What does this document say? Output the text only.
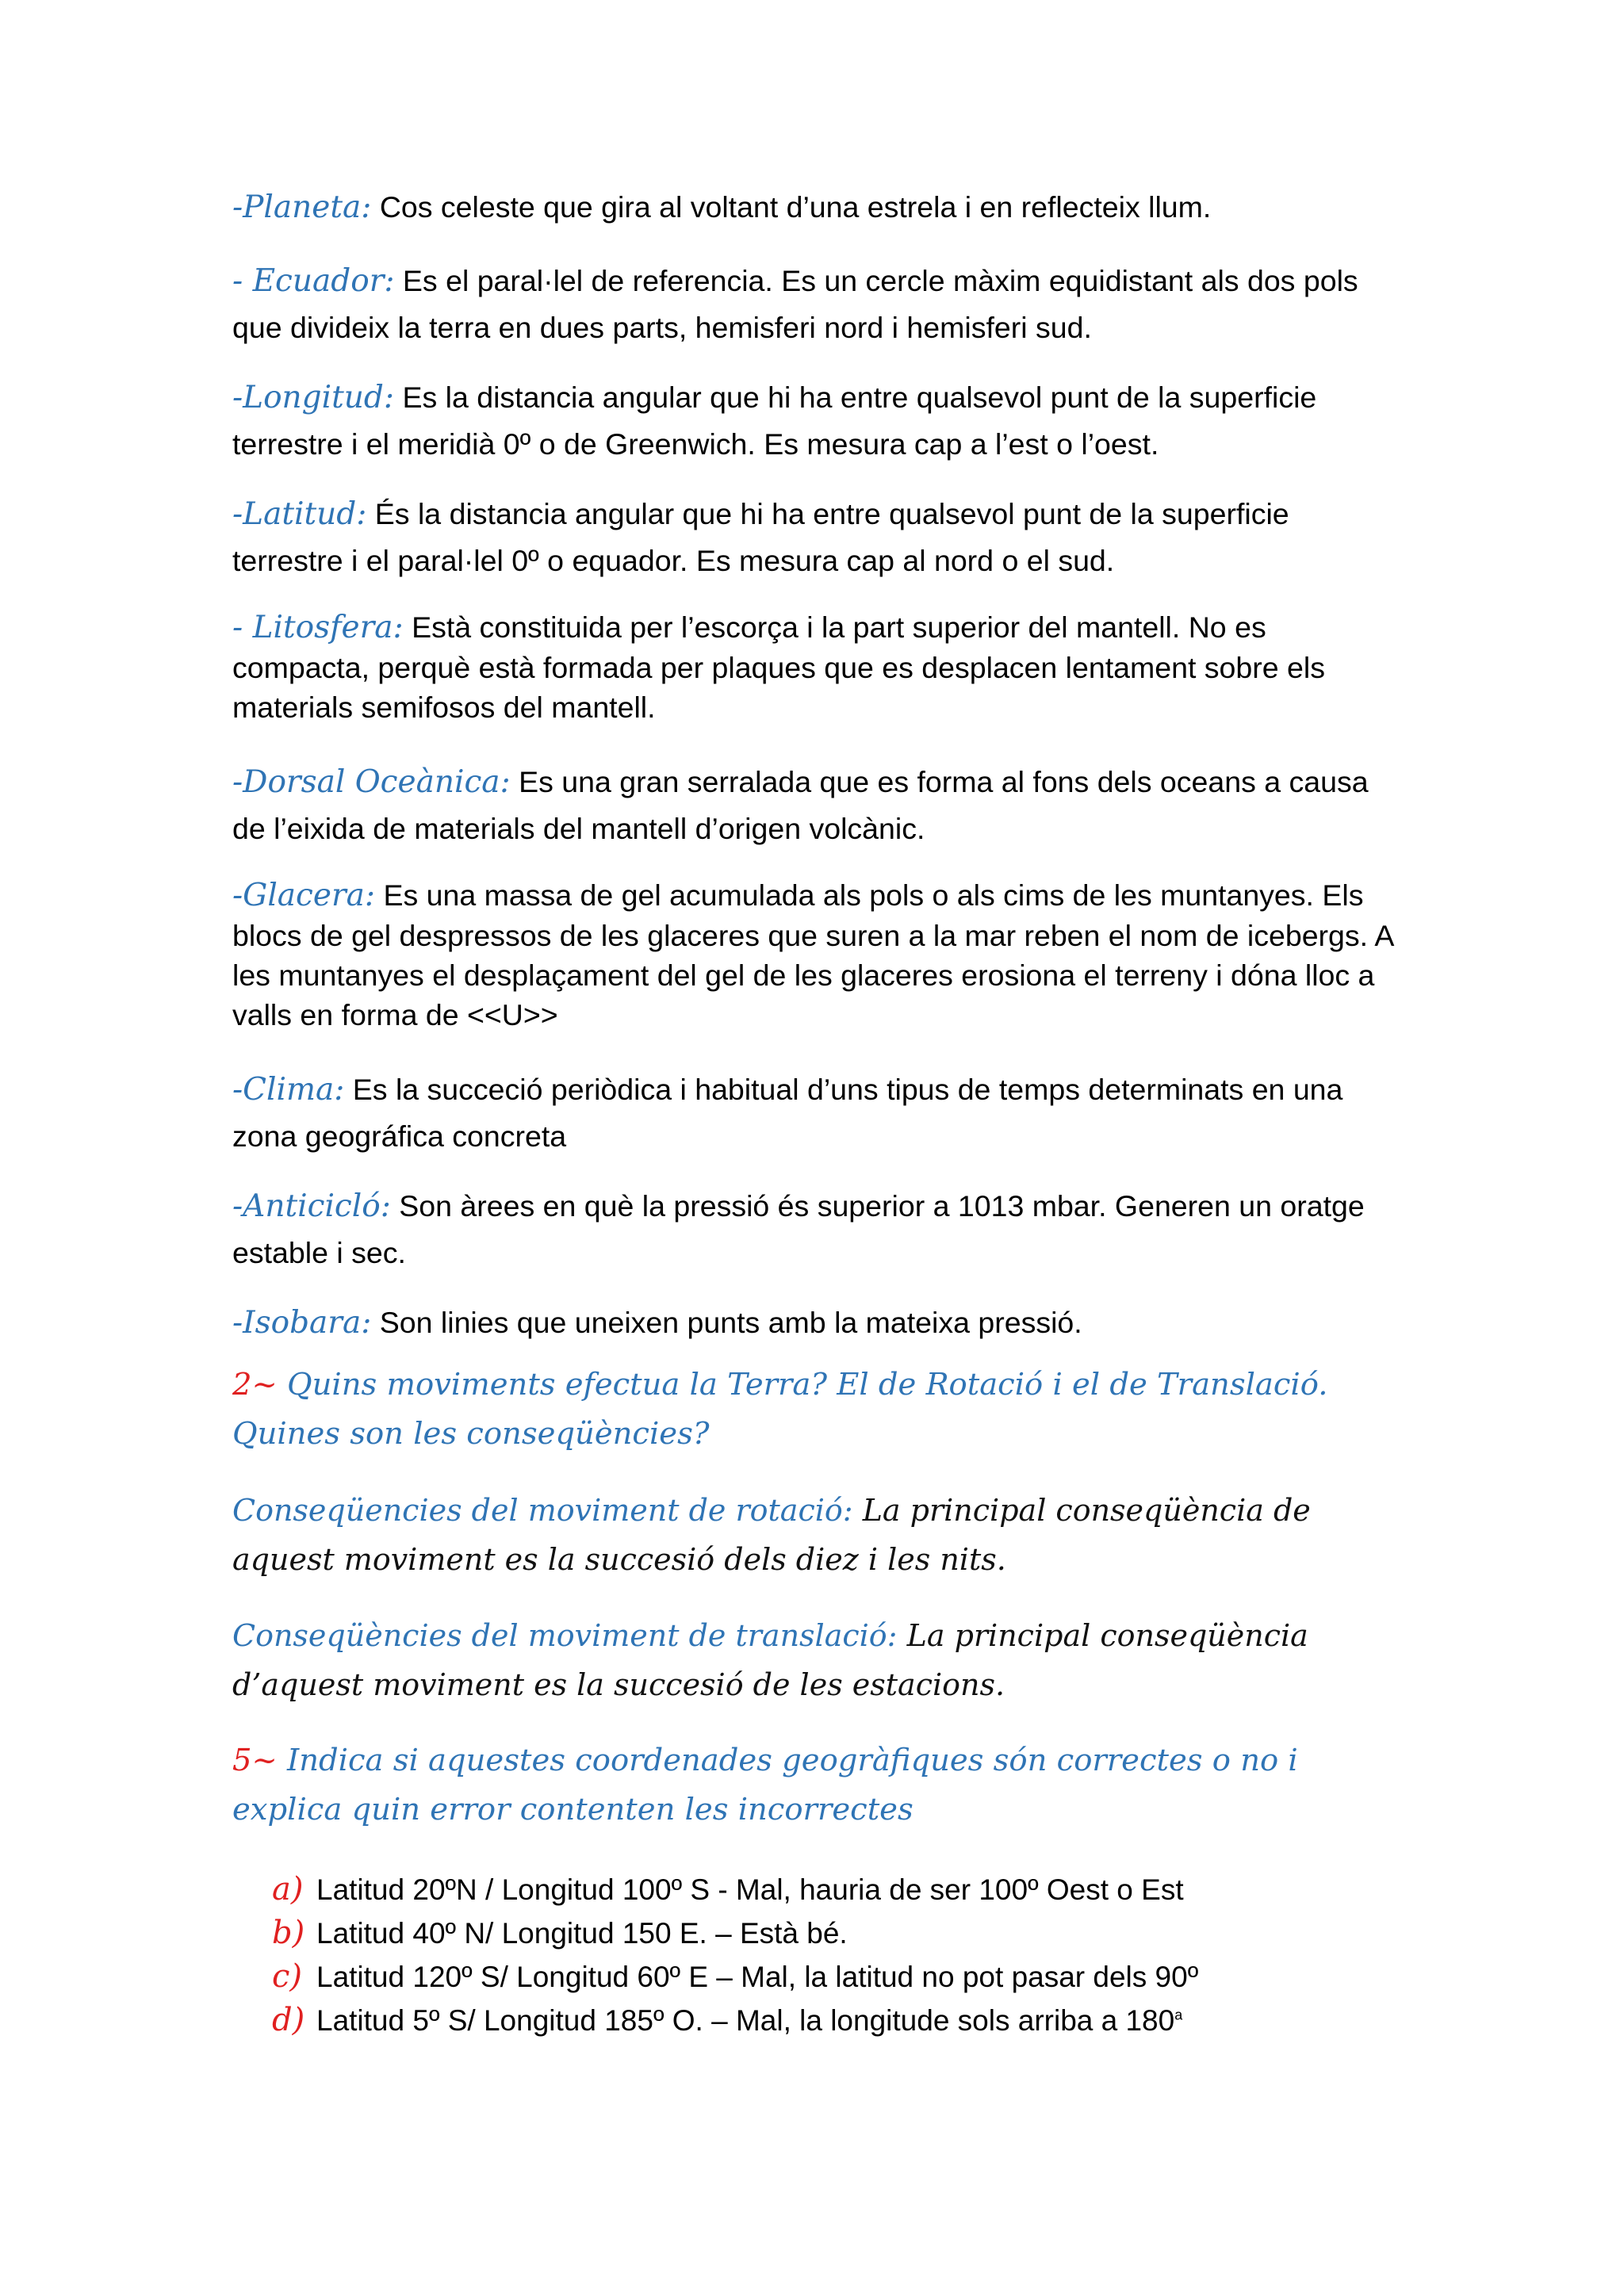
-Planeta: Cos celeste que gira al voltant d’una estrela i en reflecteix llum.

- Ecuador: Es el paral·lel de referencia. Es un cercle màxim equidistant als dos pols que divideix la terra en dues parts, hemisferi nord i hemisferi sud.

-Longitud: Es la distancia angular que hi ha entre qualsevol punt de la superficie terrestre i el meridià 0º o de Greenwich. Es mesura cap a l’est o l’oest.

-Latitud: És la distancia angular que hi ha entre qualsevol punt de la superficie terrestre i el paral·lel 0º o equador. Es mesura cap al nord o el sud.

- Litosfera: Està constituida per l’escorça i la part superior del mantell. No es compacta, perquè està formada per plaques que es desplacen lentament sobre els materials semifosos del mantell.

-Dorsal Oceànica: Es una gran serralada que es forma al fons dels oceans a causa de l’eixida de materials del mantell d’origen volcànic.

-Glacera: Es una massa de gel acumulada als pols o als cims de les muntanyes. Els blocs de gel despressos de les glaceres que suren a la mar reben el nom de icebergs. A les muntanyes el desplaçament del gel de les glaceres erosiona el terreny i dóna lloc a valls en forma de <<U>>

-Clima: Es la succeció periòdica i habitual d’uns tipus de temps determinats en una zona geográfica concreta

-Anticicló: Son àrees en què la pressió és superior a 1013 mbar. Generen un oratge estable i sec.

-Isobara: Son linies que uneixen punts amb la mateixa pressió.

2~ Quins moviments efectua la Terra? El de Rotació i el de Translació. Quines son les conseqüències?

Conseqüencies del moviment de rotació: La principal conseqüència de aquest moviment es la succesió dels diez i les nits.

Conseqüències del moviment de translació: La principal conseqüència d’aquest moviment es la succesió de les estacions.

5~ Indica si aquestes coordenades geogràfiques són correctes o no i explica quin error contenten les incorrectes

a) Latitud 20ºN / Longitud 100º S - Mal, hauria de ser 100º Oest o Est
b) Latitud 40º N/ Longitud 150 E. – Està bé.
c) Latitud 120º S/ Longitud 60º E – Mal, la latitud no pot pasar dels 90º
d) Latitud 5º S/ Longitud 185º O. – Mal, la longitude sols arriba a 180$^a$
